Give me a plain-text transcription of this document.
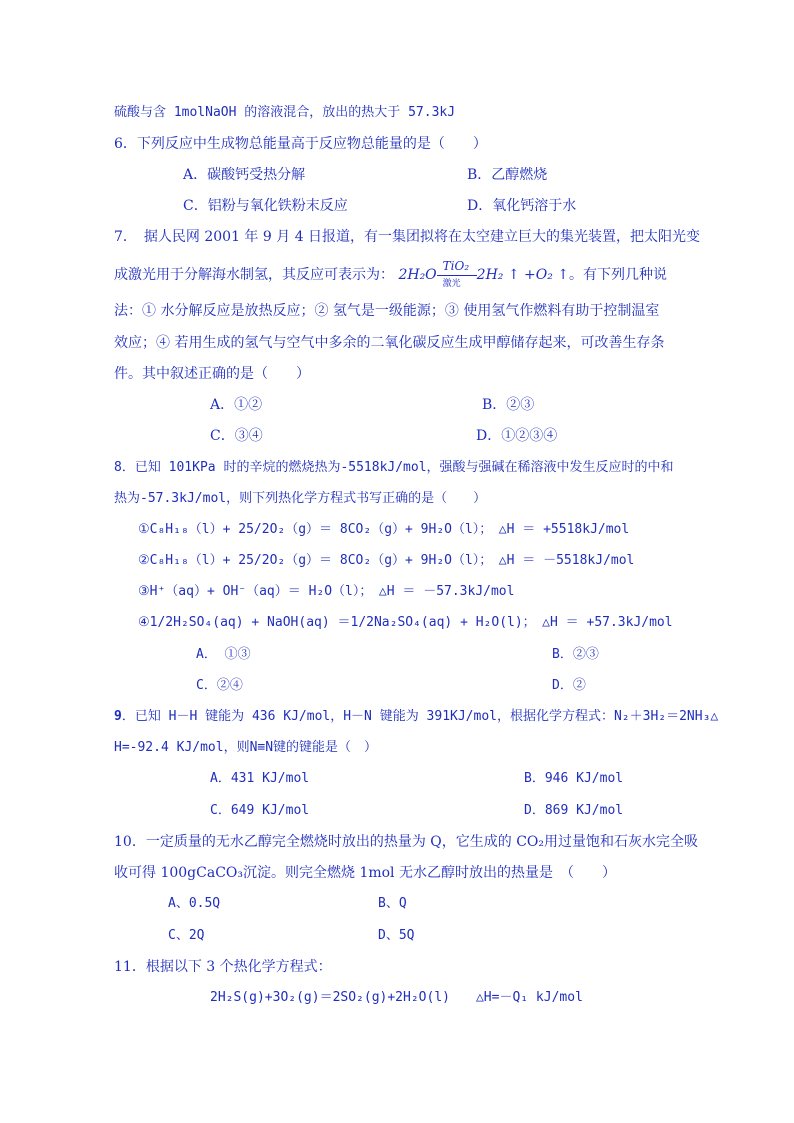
硫酸与含 1molNaOH 的溶液混合，放出的热大于 57.3kJ
6．下列反应中生成物总能量高于反应物总能量的是（　　）
A．碳酸钙受热分解	B．乙醇燃烧
C．铝粉与氧化铁粉末反应	D．氧化钙溶于水
7．　据人民网 2001 年 9 月 4 日报道，有一集团拟将在太空建立巨大的集光装置，把太阳光变
成激光用于分解海水制氢，其反应可表示为： $2H_2O \frac{\text{TiO₂}}{\text{激光}} 2H_2$ ↑ +O₂ ↑。有下列几种说
法：① 水分解反应是放热反应；② 氢气是一级能源；③ 使用氢气作燃料有助于控制温室
效应；④ 若用生成的氢气与空气中多余的二氧化碳反应生成甲醇储存起来，可改善生存条
件。其中叙述正确的是（　　）
A．①②	B．②③
C．③④	D．①②③④
8．已知 101KPa 时的辛烷的燃烧热为-5518kJ/mol，强酸与强碱在稀溶液中发生反应时的中和
热为-57.3kJ/mol，则下列热化学方程式书写正确的是（　　）
①C₈H₁₈（l）+ 25/2O₂（g）＝ 8CO₂（g）+ 9H₂O（l）；　△H ＝ +5518kJ/mol
②C₈H₁₈（l）+ 25/2O₂（g）＝ 8CO₂（g）+ 9H₂O（l）；　△H ＝ －5518kJ/mol
③H⁺（aq）+ OH⁻（aq）＝ H₂O（l）；　△H ＝ －57.3kJ/mol
④1/2H₂SO₄(aq) + NaOH(aq) ＝1/2Na₂SO₄(aq) + H₂O(l)；　△H ＝ +57.3kJ/mol
A． ①③	B．②③
C．②④	D．②
9．已知 H－H 键能为 436 KJ/mol，H－N 键能为 391KJ/mol，根据化学方程式：N₂＋3H₂＝2NH₃△
H=-92.4 KJ/mol，则N≡N键的键能是（　）
A．431 KJ/mol	B．946 KJ/mol
C．649 KJ/mol	D．869 KJ/mol
10．一定质量的无水乙醇完全燃烧时放出的热量为 Q，它生成的 CO₂用过量饱和石灰水完全吸
收可得 100gCaCO₃沉淀。则完全燃烧 1mol 无水乙醇时放出的热量是　（　　）
A、0.5Q	B、Q
C、2Q	D、5Q
11．根据以下 3 个热化学方程式：
2H₂S(g)+3O₂(g)＝2SO₂(g)+2H₂O(l)　　△H=－Q₁ kJ/mol
